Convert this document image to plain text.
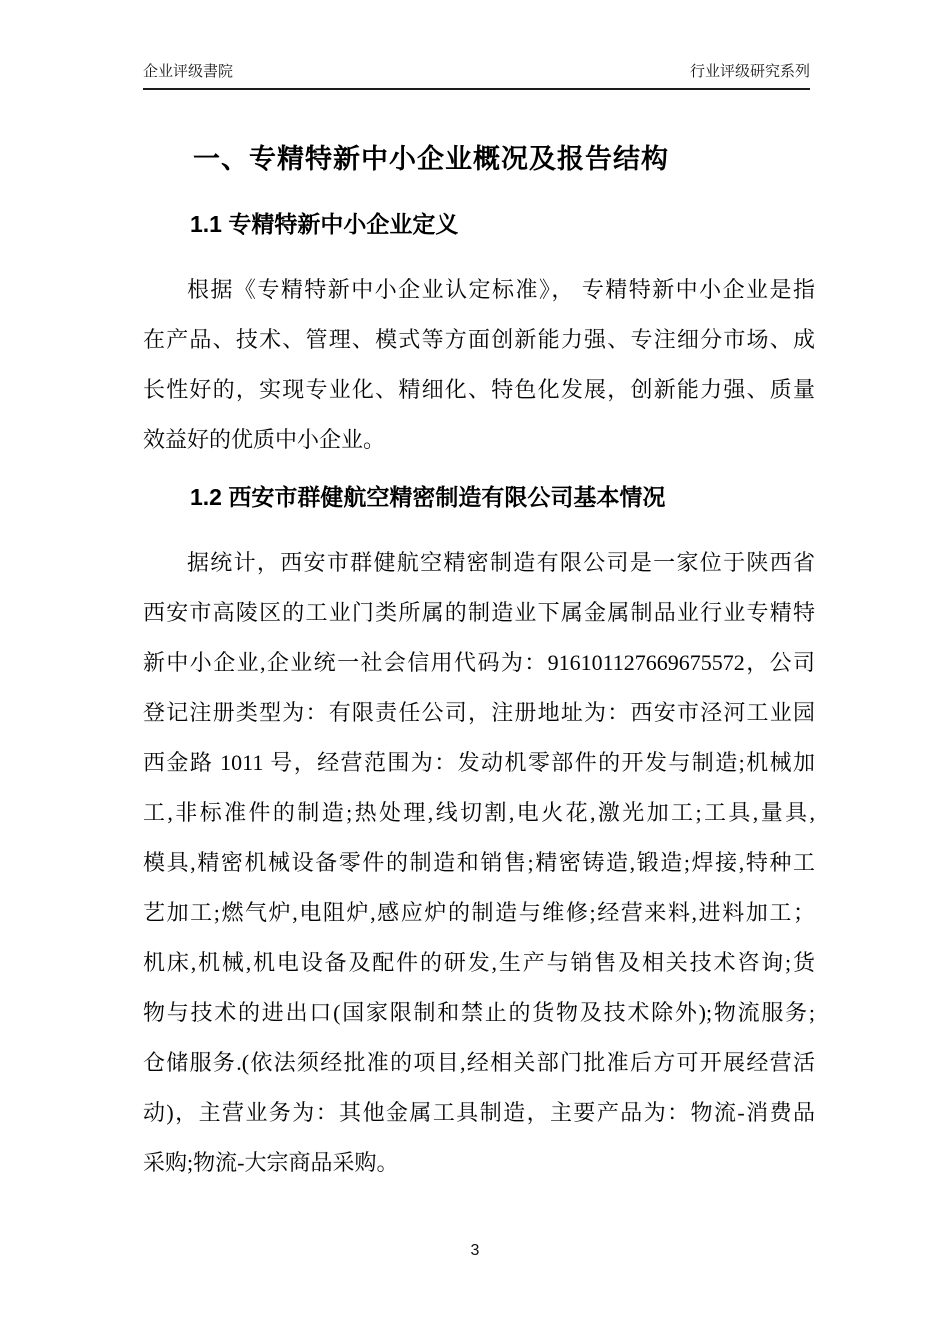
企业评级書院	行业评级研究系列
一、专精特新中小企业概况及报告结构
1.1 专精特新中小企业定义
根据《专精特新中小企业认定标准》， 专精特新中小企业是指
在产品、技术、管理、模式等方面创新能力强、专注细分市场、成
长性好的，实现专业化、精细化、特色化发展，创新能力强、质量
效益好的优质中小企业。
1.2 西安市群健航空精密制造有限公司基本情况
据统计，西安市群健航空精密制造有限公司是一家位于陕西省
西安市高陵区的工业门类所属的制造业下属金属制品业行业专精特
新中小企业,企业统一社会信用代码为：916101127669675572，公司
登记注册类型为：有限责任公司，注册地址为：西安市泾河工业园
西金路 1011 号，经营范围为：发动机零部件的开发与制造;机械加
工,非标准件的制造;热处理,线切割,电火花,激光加工;工具,量具,
模具,精密机械设备零件的制造和销售;精密铸造,锻造;焊接,特种工
艺加工;燃气炉,电阻炉,感应炉的制造与维修;经营来料,进料加工；
机床,机械,机电设备及配件的研发,生产与销售及相关技术咨询;货
物与技术的进出口(国家限制和禁止的货物及技术除外);物流服务;
仓储服务.(依法须经批准的项目,经相关部门批准后方可开展经营活
动)，主营业务为：其他金属工具制造，主要产品为：物流-消费品
采购;物流-大宗商品采购。
3
